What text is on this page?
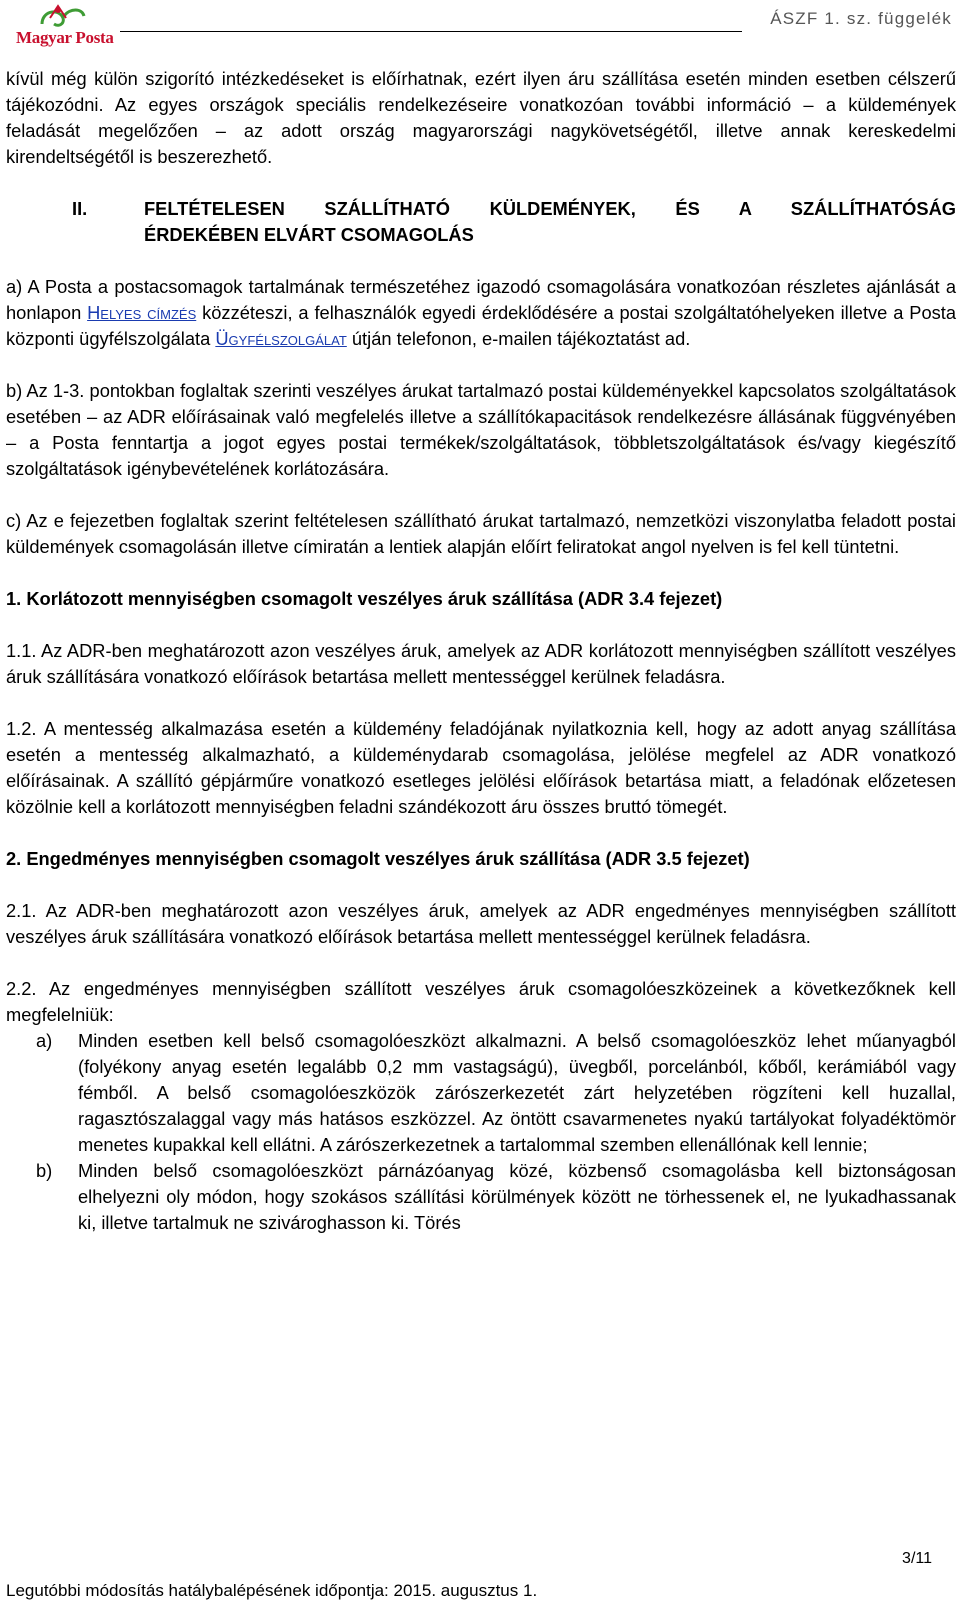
Magyar Posta
ÁSZF 1. sz. függelék

kívül még külön szigorító intézkedéseket is előírhatnak, ezért ilyen áru szállítása esetén minden esetben célszerű tájékozódni. Az egyes országok speciális rendelkezéseire vonatkozóan további információ – a küldemények feladását megelőzően – az adott ország magyarországi nagykövetségétől, illetve annak kereskedelmi kirendeltségétől is beszerezhető.

II.	FELTÉTELESEN SZÁLLÍTHATÓ KÜLDEMÉNYEK, ÉS A SZÁLLÍTHATÓSÁG
ÉRDEKÉBEN ELVÁRT CSOMAGOLÁS

a) A Posta a postacsomagok tartalmának természetéhez igazodó csomagolására vonatkozóan részletes ajánlását a honlapon Helyes címzés közzéteszi, a felhasználók egyedi érdeklődésére a postai szolgáltatóhelyeken illetve a Posta központi ügyfélszolgálata Ügyfélszolgálat útján telefonon, e-mailen tájékoztatást ad.

b) Az 1-3. pontokban foglaltak szerinti veszélyes árukat tartalmazó postai küldeményekkel kapcsolatos szolgáltatások esetében – az ADR előírásainak való megfelelés illetve a szállítókapacitások rendelkezésre állásának függvényében – a Posta fenntartja a jogot egyes postai termékek/szolgáltatások, többletszolgáltatások és/vagy kiegészítő szolgáltatások igénybevételének korlátozására.

c) Az e fejezetben foglaltak szerint feltételesen szállítható árukat tartalmazó, nemzetközi viszonylatba feladott postai küldemények csomagolásán illetve címiratán a lentiek alapján előírt feliratokat angol nyelven is fel kell tüntetni.

1. Korlátozott mennyiségben csomagolt veszélyes áruk szállítása (ADR 3.4 fejezet)

1.1. Az ADR-ben meghatározott azon veszélyes áruk, amelyek az ADR korlátozott mennyiségben szállított veszélyes áruk szállítására vonatkozó előírások betartása mellett mentességgel kerülnek feladásra.

1.2. A mentesség alkalmazása esetén a küldemény feladójának nyilatkoznia kell, hogy az adott anyag szállítása esetén a mentesség alkalmazható, a küldeménydarab csomagolása, jelölése megfelel az ADR vonatkozó előírásainak. A szállító gépjárműre vonatkozó esetleges jelölési előírások betartása miatt, a feladónak előzetesen közölnie kell a korlátozott mennyiségben feladni szándékozott áru összes bruttó tömegét.

2. Engedményes mennyiségben csomagolt veszélyes áruk szállítása (ADR 3.5 fejezet)

2.1. Az ADR-ben meghatározott azon veszélyes áruk, amelyek az ADR engedményes mennyiségben szállított veszélyes áruk szállítására vonatkozó előírások betartása mellett mentességgel kerülnek feladásra.

2.2. Az engedményes mennyiségben szállított veszélyes áruk csomagolóeszközeinek a következőknek kell megfelelniük:

a)	Minden esetben kell belső csomagolóeszközt alkalmazni. A belső csomagolóeszköz lehet műanyagból (folyékony anyag esetén legalább 0,2 mm vastagságú), üvegből, porcelánból, kőből, kerámiából vagy fémből. A belső csomagolóeszközök zárószerkezetét zárt helyzetében rögzíteni kell huzallal, ragasztószalaggal vagy más hatásos eszközzel. Az öntött csavarmenetes nyakú tartályokat folyadéktömör menetes kupakkal kell ellátni. A zárószerkezetnek a tartalommal szemben ellenállónak kell lennie;
b)	Minden belső csomagolóeszközt párnázóanyag közé, közbenső csomagolásba kell biztonságosan elhelyezni oly módon, hogy szokásos szállítási körülmények között ne törhessenek el, ne lyukadhassanak ki, illetve tartalmuk ne szivároghasson ki. Törés
3/11
Legutóbbi módosítás hatálybalépésének időpontja: 2015. augusztus 1.
